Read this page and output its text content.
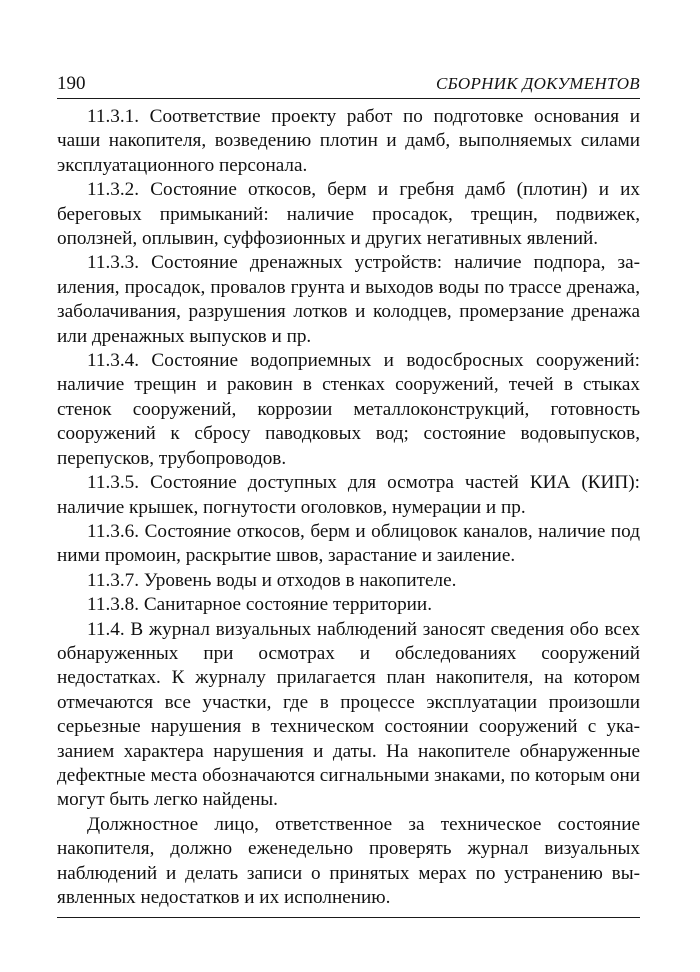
190	СБОРНИК ДОКУМЕНТОВ

11.3.1. Соответствие проекту работ по подготовке основания и чаши накопителя, возведению плотин и дамб, выполняемых силами эксплуатационного персонала.

11.3.2. Состояние откосов, берм и гребня дамб (плотин) и их береговых примыканий: наличие просадок, трещин, подвижек, оползней, оплывин, суффозионных и других негативных явлений.

11.3.3. Состояние дренажных устройств: наличие подпора, заиления, просадок, провалов грунта и выходов воды по трассе дренажа, заболачивания, разрушения лотков и колодцев, промерзание дренажа или дренажных выпусков и пр.

11.3.4. Состояние водоприемных и водосбросных сооружений: наличие трещин и раковин в стенках сооружений, течей в стыках стенок сооружений, коррозии металлоконструкций, готовность сооружений к сбросу паводковых вод; состояние водовыпусков, перепусков, трубопроводов.

11.3.5. Состояние доступных для осмотра частей КИА (КИП): наличие крышек, погнутости оголовков, нумерации и пр.

11.3.6. Состояние откосов, берм и облицовок каналов, наличие под ними промоин, раскрытие швов, зарастание и заиление.

11.3.7. Уровень воды и отходов в накопителе.

11.3.8. Санитарное состояние территории.

11.4. В журнал визуальных наблюдений заносят сведения обо всех обнаруженных при осмотрах и обследованиях сооружений недостатках. К журналу прилагается план накопителя, на котором отмечаются все участки, где в процессе эксплуатации произошли серьезные нарушения в техническом состоянии сооружений с указанием характера нарушения и даты. На накопителе обнаруженные дефектные места обозначаются сигнальными знаками, по которым они могут быть легко найдены.

Должностное лицо, ответственное за техническое состояние накопителя, должно еженедельно проверять журнал визуальных наблюдений и делать записи о принятых мерах по устранению выявленных недостатков и их исполнению.
